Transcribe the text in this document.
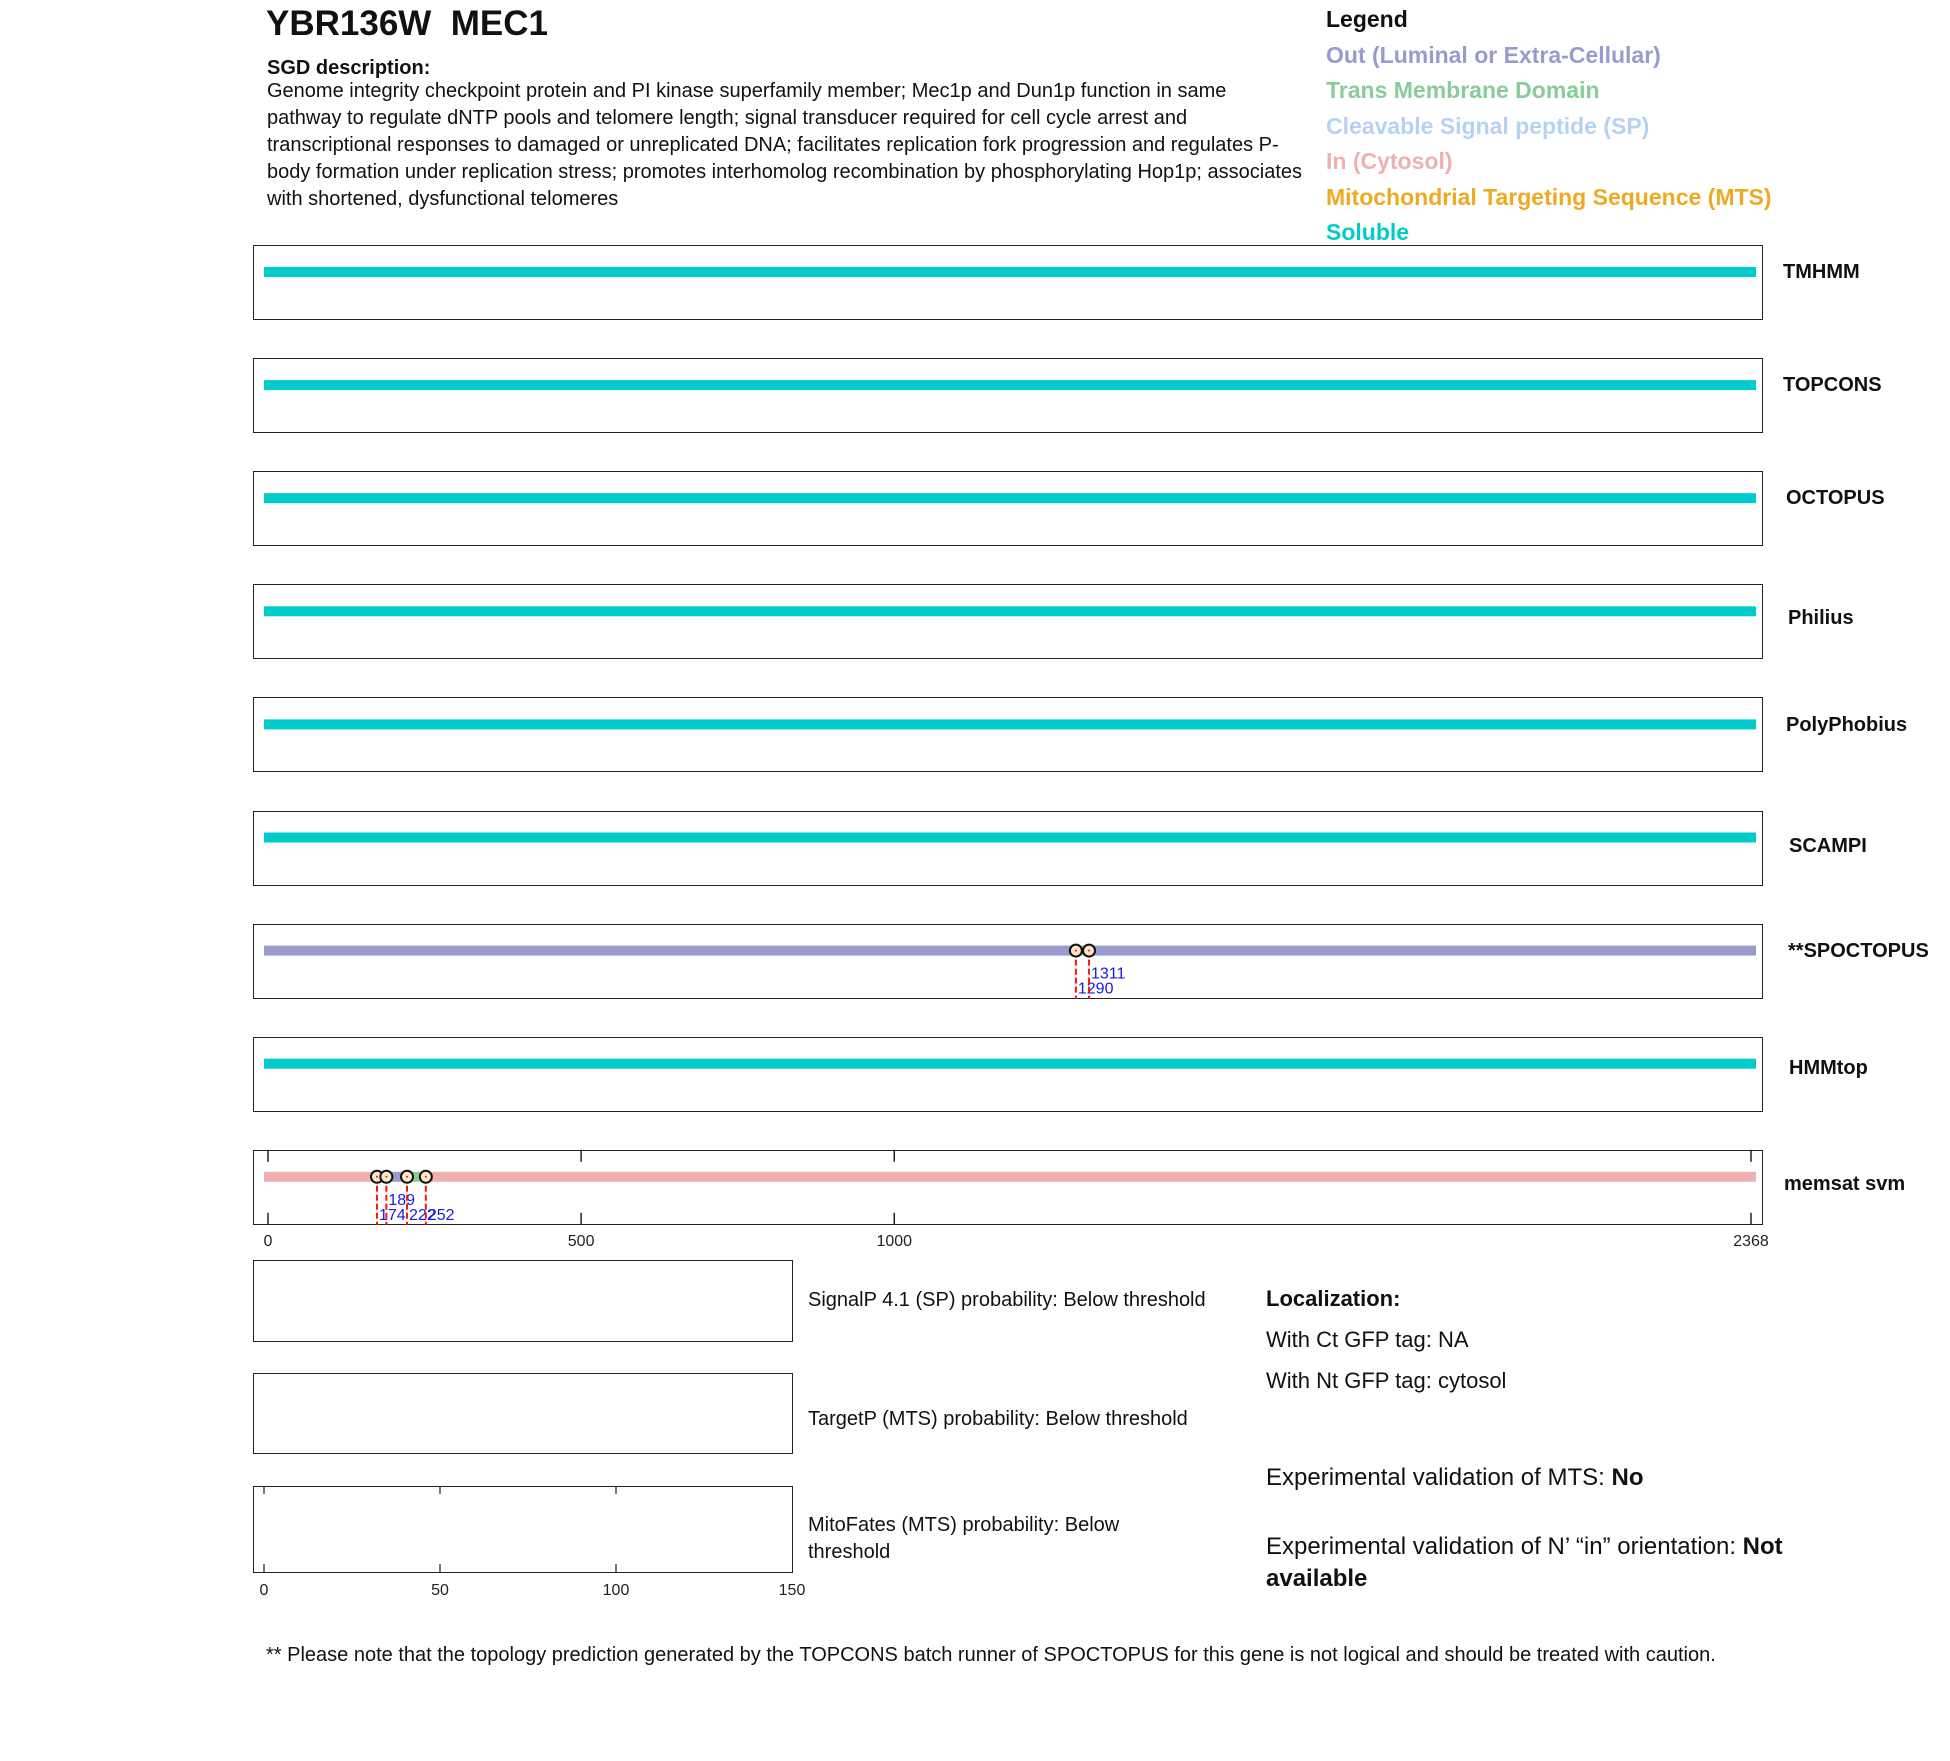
YBR136W  MEC1
SGD description:
Genome integrity checkpoint protein and PI kinase superfamily member; Mec1p and Dun1p function in same pathway to regulate dNTP pools and telomere length; signal transducer required for cell cycle arrest and transcriptional responses to damaged or unreplicated DNA; facilitates replication fork progression and regulates P-body formation under replication stress; promotes interhomolog recombination by phosphorylating Hop1p; associates with shortened, dysfunctional telomeres
Legend
Out (Luminal or Extra-Cellular)
Trans Membrane Domain
Cleavable Signal peptide (SP)
In (Cytosol)
Mitochondrial Targeting Sequence (MTS)
Soluble
TMHMM
TOPCONS
OCTOPUS
Philius
PolyPhobius
SCAMPI
**SPOCTOPUS
HMMtop
memsat svm
1290
1311
174
189
222
252
0	500	1000	2368
0	50	100	150
SignalP 4.1 (SP) probability: Below threshold
TargetP (MTS) probability: Below threshold
MitoFates (MTS) probability: Below threshold
Localization:
With Ct GFP tag: NA
With Nt GFP tag: cytosol
Experimental validation of MTS: No
Experimental validation of N’ “in” orientation: Not available
** Please note that the topology prediction generated by the TOPCONS batch runner of SPOCTOPUS for this gene is not logical and should be treated with caution.
